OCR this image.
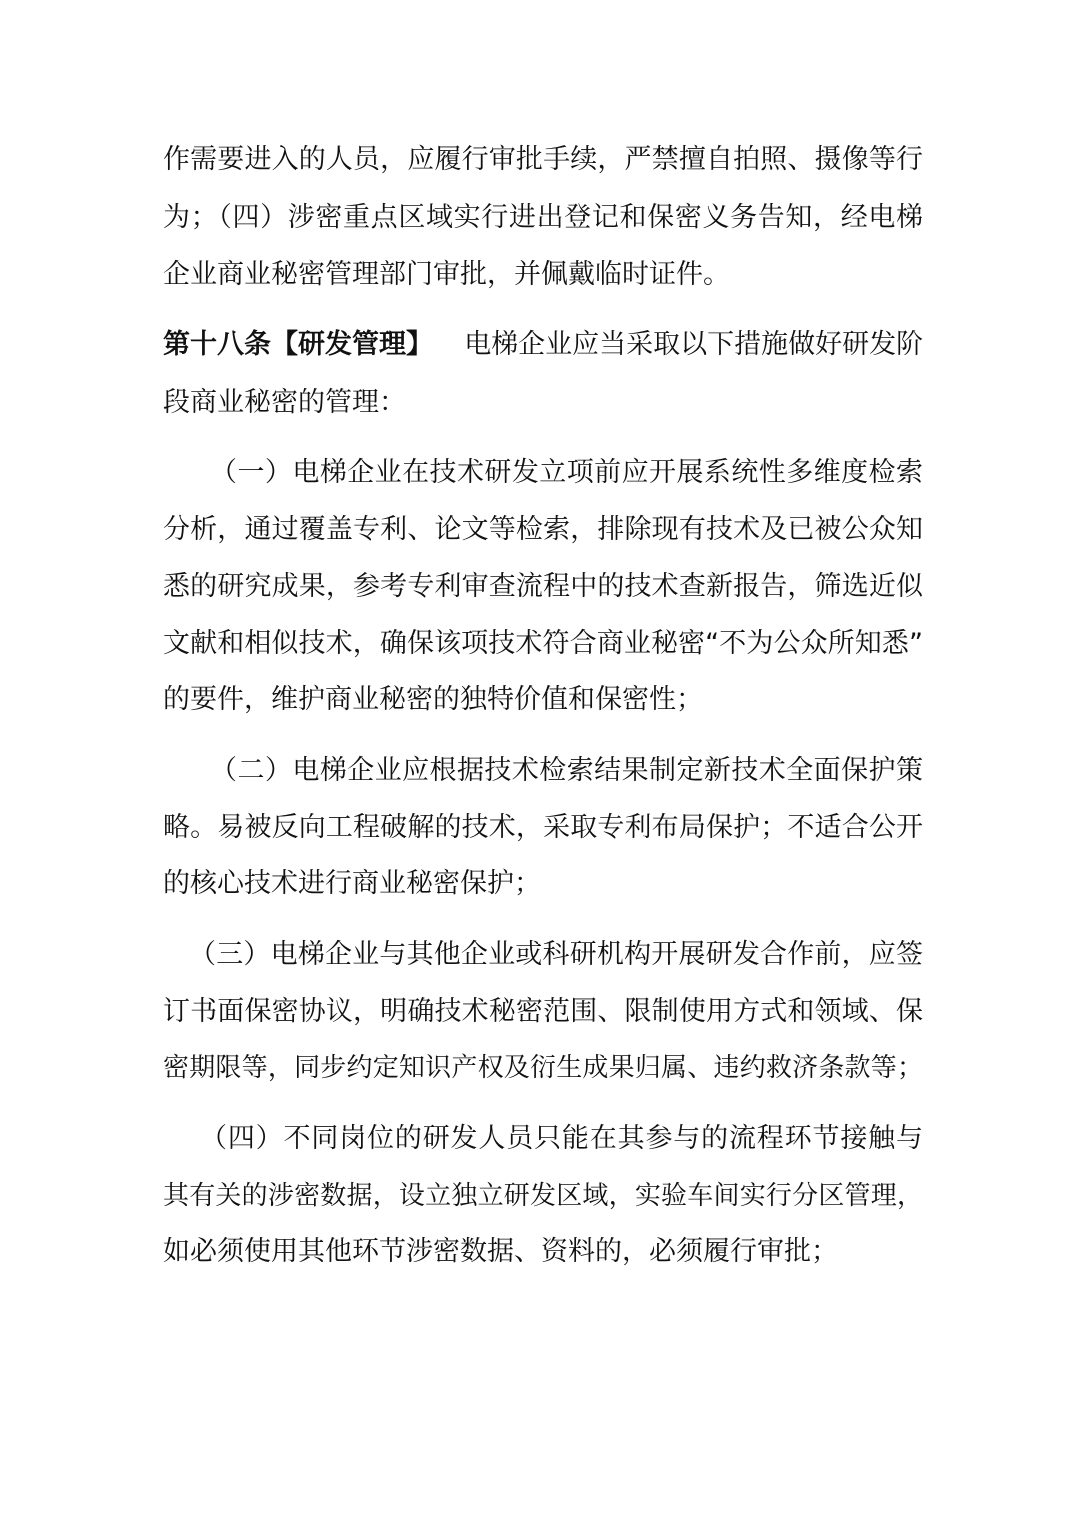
作需要进入的人员，应履行审批手续，严禁擅自拍照、摄像等行
为；（四）涉密重点区域实行进出登记和保密义务告知，经电梯
企业商业秘密管理部门审批，并佩戴临时证件。
第十八条【研发管理】 电梯企业应当采取以下措施做好研发阶
段商业秘密的管理：
（一）电梯企业在技术研发立项前应开展系统性多维度检索
分析，通过覆盖专利、论文等检索，排除现有技术及已被公众知
悉的研究成果，参考专利审查流程中的技术查新报告，筛选近似
文献和相似技术，确保该项技术符合商业秘密“不为公众所知悉”
的要件，维护商业秘密的独特价值和保密性；
（二）电梯企业应根据技术检索结果制定新技术全面保护策
略。易被反向工程破解的技术，采取专利布局保护；不适合公开
的核心技术进行商业秘密保护；
（三）电梯企业与其他企业或科研机构开展研发合作前，应签
订书面保密协议，明确技术秘密范围、限制使用方式和领域、保
密期限等，同步约定知识产权及衍生成果归属、违约救济条款等；
（四）不同岗位的研发人员只能在其参与的流程环节接触与
其有关的涉密数据，设立独立研发区域，实验车间实行分区管理，
如必须使用其他环节涉密数据、资料的，必须履行审批；
